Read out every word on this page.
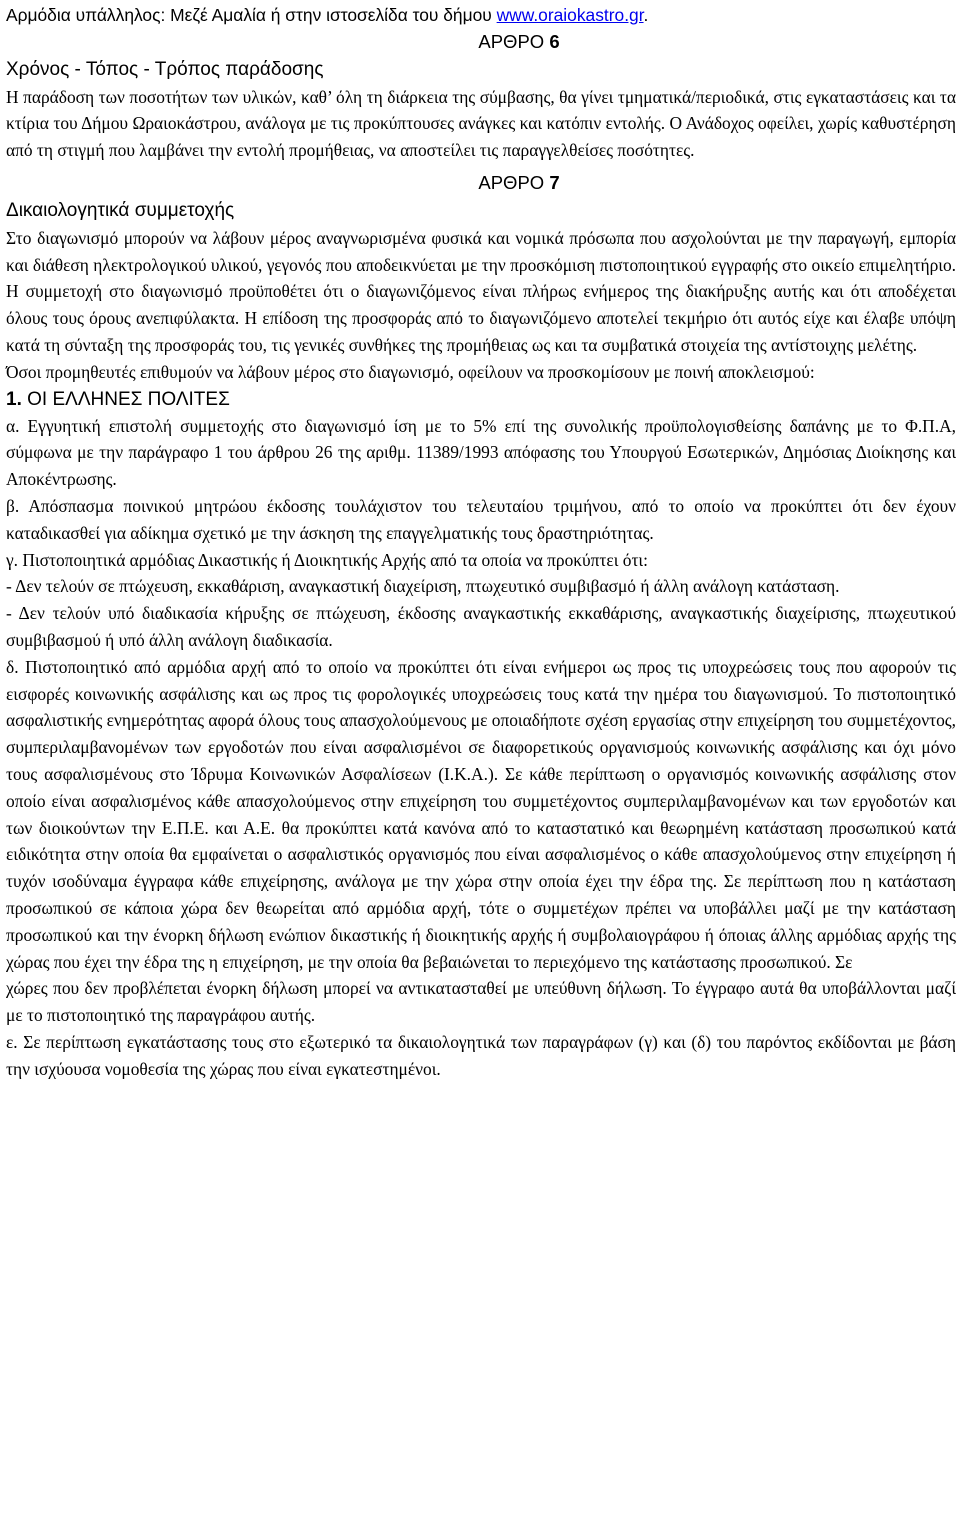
Αρμόδια υπάλληλος: Μεζέ Αμαλία ή στην ιστοσελίδα του δήμου www.oraiokastro.gr.
ΑΡΘΡΟ 6
Χρόνος - Τόπος - Τρόπος παράδοσης

Η παράδοση των ποσοτήτων των υλικών, καθ’ όλη τη διάρκεια της σύμβασης, θα γίνει τμηματικά/περιοδικά, στις εγκαταστάσεις και τα κτίρια του Δήμου Ωραιοκάστρου, ανάλογα με τις προκύπτουσες ανάγκες και κατόπιν εντολής. Ο Ανάδοχος οφείλει, χωρίς καθυστέρηση από τη στιγμή που λαμβάνει την εντολή προμήθειας, να αποστείλει τις παραγγελθείσες ποσότητες.

ΑΡΘΡΟ 7
Δικαιολογητικά συμμετοχής

Στο διαγωνισμό μπορούν να λάβουν μέρος αναγνωρισμένα φυσικά και νομικά πρόσωπα που ασχολούνται με την παραγωγή, εμπορία και διάθεση ηλεκτρολογικού υλικού, γεγονός που αποδεικνύεται με την προσκόμιση πιστοποιητικού εγγραφής στο οικείο επιμελητήριο. Η συμμετοχή στο διαγωνισμό προϋποθέτει ότι ο διαγωνιζόμενος είναι πλήρως ενήμερος της διακήρυξης αυτής και ότι αποδέχεται όλους τους όρους ανεπιφύλακτα. Η επίδοση της προσφοράς από το διαγωνιζόμενο αποτελεί τεκμήριο ότι αυτός είχε και έλαβε υπόψη κατά τη σύνταξη της προσφοράς του, τις γενικές συνθήκες της προμήθειας ως και τα συμβατικά στοιχεία της αντίστοιχης μελέτης.

Όσοι προμηθευτές επιθυμούν να λάβουν μέρος στο διαγωνισμό, οφείλουν να προσκομίσουν με ποινή αποκλεισμού:

1. ΟΙ ΕΛΛΗΝΕΣ ΠΟΛΙΤΕΣ

α. Εγγυητική επιστολή συμμετοχής στο διαγωνισμό ίση με το 5% επί της συνολικής προϋπολογισθείσης δαπάνης με το Φ.Π.Α, σύμφωνα με την παράγραφο 1 του άρθρου 26 της αριθμ. 11389/1993 απόφασης του Υπουργού Εσωτερικών, Δημόσιας Διοίκησης και Αποκέντρωσης.

β. Απόσπασμα ποινικού μητρώου έκδοσης τουλάχιστον του τελευταίου τριμήνου, από το οποίο να προκύπτει ότι δεν έχουν καταδικασθεί για αδίκημα σχετικό με την άσκηση της επαγγελματικής τους δραστηριότητας.

γ. Πιστοποιητικά αρμόδιας Δικαστικής ή Διοικητικής Αρχής από τα οποία να προκύπτει ότι:

- Δεν τελούν σε πτώχευση, εκκαθάριση, αναγκαστική διαχείριση, πτωχευτικό συμβιβασμό ή άλλη ανάλογη κατάσταση.

- Δεν τελούν υπό διαδικασία κήρυξης σε πτώχευση, έκδοσης αναγκαστικής εκκαθάρισης, αναγκαστικής διαχείρισης, πτωχευτικού συμβιβασμού ή υπό άλλη ανάλογη διαδικασία.

δ. Πιστοποιητικό από αρμόδια αρχή από το οποίο να προκύπτει ότι είναι ενήμεροι ως προς τις υποχρεώσεις τους που αφορούν τις εισφορές κοινωνικής ασφάλισης και ως προς τις φορολογικές υποχρεώσεις τους κατά την ημέρα του διαγωνισμού. Το πιστοποιητικό ασφαλιστικής ενημερότητας αφορά όλους τους απασχολούμενους με οποιαδήποτε σχέση εργασίας στην επιχείρηση του συμμετέχοντος, συμπεριλαμβανομένων των εργοδοτών που είναι ασφαλισμένοι σε διαφορετικούς οργανισμούς κοινωνικής ασφάλισης και όχι μόνο τους ασφαλισμένους στο Ίδρυμα Κοινωνικών Ασφαλίσεων (Ι.Κ.Α.). Σε κάθε περίπτωση ο οργανισμός κοινωνικής ασφάλισης στον οποίο είναι ασφαλισμένος κάθε απασχολούμενος στην επιχείρηση του συμμετέχοντος συμπεριλαμβανομένων και των εργοδοτών και των διοικούντων την Ε.Π.Ε. και Α.Ε. θα προκύπτει κατά κανόνα από το καταστατικό και θεωρημένη κατάσταση προσωπικού κατά ειδικότητα στην οποία θα εμφαίνεται ο ασφαλιστικός οργανισμός που είναι ασφαλισμένος ο κάθε απασχολούμενος στην επιχείρηση ή τυχόν ισοδύναμα έγγραφα κάθε επιχείρησης, ανάλογα με την χώρα στην οποία έχει την έδρα της. Σε περίπτωση που η κατάσταση προσωπικού σε κάποια χώρα δεν θεωρείται από αρμόδια αρχή, τότε ο συμμετέχων πρέπει να υποβάλλει μαζί με την κατάσταση προσωπικού και την ένορκη δήλωση ενώπιον δικαστικής ή διοικητικής αρχής ή συμβολαιογράφου ή όποιας άλλης αρμόδιας αρχής της χώρας που έχει την έδρα της η επιχείρηση, με την οποία θα βεβαιώνεται το περιεχόμενο της κατάστασης προσωπικού. Σε

χώρες που δεν προβλέπεται ένορκη δήλωση μπορεί να αντικατασταθεί με υπεύθυνη δήλωση. Το έγγραφο αυτά θα υποβάλλονται μαζί με το πιστοποιητικό της παραγράφου αυτής.

ε. Σε περίπτωση εγκατάστασης τους στο εξωτερικό τα δικαιολογητικά των παραγράφων (γ) και (δ) του παρόντος εκδίδονται με βάση την ισχύουσα νομοθεσία της χώρας που είναι εγκατεστημένοι.
